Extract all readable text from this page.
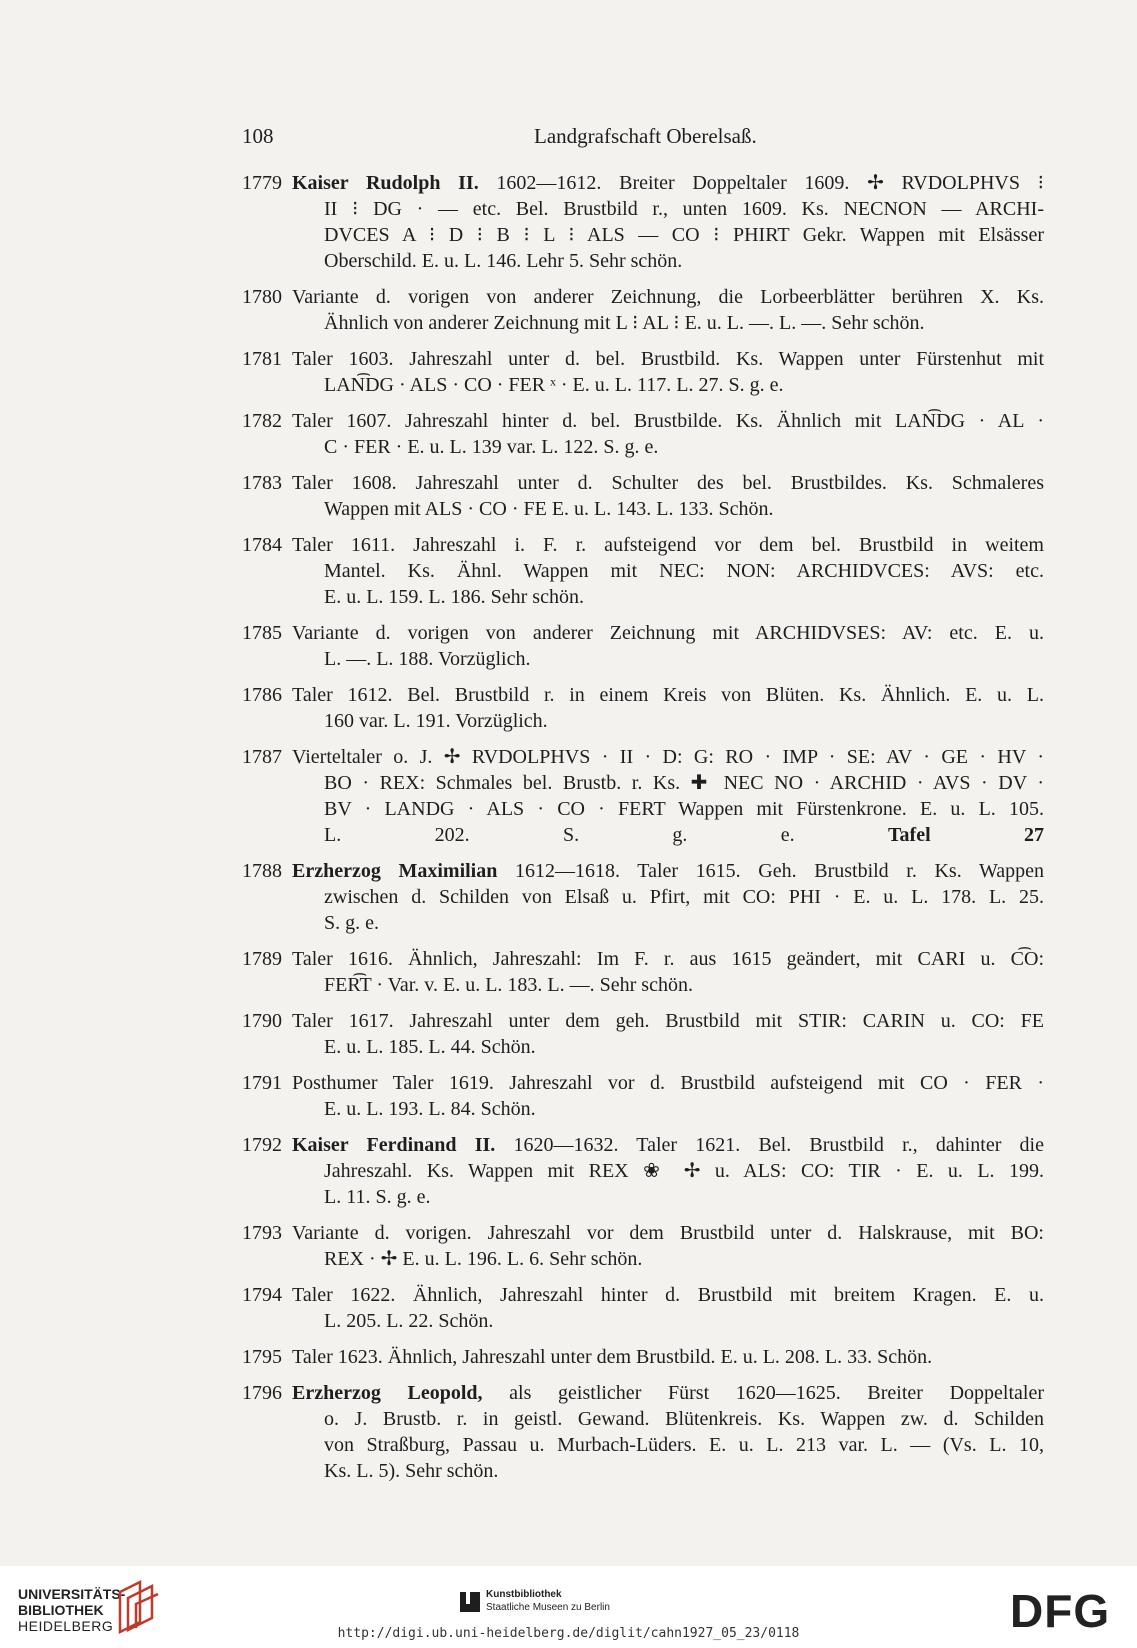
108	Landgrafschaft Oberelsaß.
1779 Kaiser Rudolph II. 1602—1612. Breiter Doppeltaler 1609. ✢ RVDOLPHVS ⁝
II ⁝ DG · — etc. Bel. Brustbild r., unten 1609. Ks. NECNON — ARCHI-
DVCES A ⁝ D ⁝ B ⁝ L ⁝ ALS — CO ⁝ PHIRT Gekr. Wappen mit Elsässer
Oberschild. E. u. L. 146. Lehr 5. Sehr schön.
1780 Variante d. vorigen von anderer Zeichnung, die Lorbeerblätter berühren X. Ks.
Ähnlich von anderer Zeichnung mit L ⁝ AL ⁝ E. u. L. —. L. —. Sehr schön.
1781 Taler 1603. Jahreszahl unter d. bel. Brustbild. Ks. Wappen unter Fürstenhut mit
LAN͡DG · ALS · CO · FER ˣ · E. u. L. 117. L. 27. S. g. e.
1782 Taler 1607. Jahreszahl hinter d. bel. Brustbilde. Ks. Ähnlich mit LAN͡DG · AL ·
C · FER · E. u. L. 139 var. L. 122. S. g. e.
1783 Taler 1608. Jahreszahl unter d. Schulter des bel. Brustbildes. Ks. Schmaleres
Wappen mit ALS · CO · FE E. u. L. 143. L. 133. Schön.
1784 Taler 1611. Jahreszahl i. F. r. aufsteigend vor dem bel. Brustbild in weitem
Mantel. Ks. Ähnl. Wappen mit NEC: NON: ARCHIDVCES: AVS: etc.
E. u. L. 159. L. 186. Sehr schön.
1785 Variante d. vorigen von anderer Zeichnung mit ARCHIDVSES: AV: etc. E. u.
L. —. L. 188. Vorzüglich.
1786 Taler 1612. Bel. Brustbild r. in einem Kreis von Blüten. Ks. Ähnlich. E. u. L.
160 var. L. 191. Vorzüglich.
1787 Vierteltaler o. J. ✢ RVDOLPHVS · II · D: G: RO · IMP · SE: AV · GE · HV ·
BO · REX: Schmales bel. Brustb. r. Ks. ✚ NEC NO · ARCHID · AVS · DV ·
BV · LANDG · ALS · CO · FERT Wappen mit Fürstenkrone. E. u. L. 105.
L. 202. S. g. e.	Tafel 27
1788 Erzherzog Maximilian 1612—1618. Taler 1615. Geh. Brustbild r. Ks. Wappen
zwischen d. Schilden von Elsaß u. Pfirt, mit CO: PHI · E. u. L. 178. L. 25.
S. g. e.
1789 Taler 1616. Ähnlich, Jahreszahl: Im F. r. aus 1615 geändert, mit CARI u. C͡O:
FER͡T · Var. v. E. u. L. 183. L. —. Sehr schön.
1790 Taler 1617. Jahreszahl unter dem geh. Brustbild mit STIR: CARIN u. CO: FE
E. u. L. 185. L. 44. Schön.
1791 Posthumer Taler 1619. Jahreszahl vor d. Brustbild aufsteigend mit CO · FER ·
E. u. L. 193. L. 84. Schön.
1792 Kaiser Ferdinand II. 1620—1632. Taler 1621. Bel. Brustbild r., dahinter die
Jahreszahl. Ks. Wappen mit REX ❀ ✢ u. ALS: CO: TIR · E. u. L. 199.
L. 11. S. g. e.
1793 Variante d. vorigen. Jahreszahl vor dem Brustbild unter d. Halskrause, mit BO:
REX · ✢ E. u. L. 196. L. 6. Sehr schön.
1794 Taler 1622. Ähnlich, Jahreszahl hinter d. Brustbild mit breitem Kragen. E. u.
L. 205. L. 22. Schön.
1795 Taler 1623. Ähnlich, Jahreszahl unter dem Brustbild. E. u. L. 208. L. 33. Schön.
1796 Erzherzog Leopold, als geistlicher Fürst 1620—1625. Breiter Doppeltaler
o. J. Brustb. r. in geistl. Gewand. Blütenkreis. Ks. Wappen zw. d. Schilden
von Straßburg, Passau u. Murbach-Lüders. E. u. L. 213 var. L. — (Vs. L. 10,
Ks. L. 5). Sehr schön.
UNIVERSITÄTS-
BIBLIOTHEK
HEIDELBERG
Kunstbibliothek
Staatliche Museen zu Berlin	DFG
http://digi.ub.uni-heidelberg.de/diglit/cahn1927_05_23/0118
